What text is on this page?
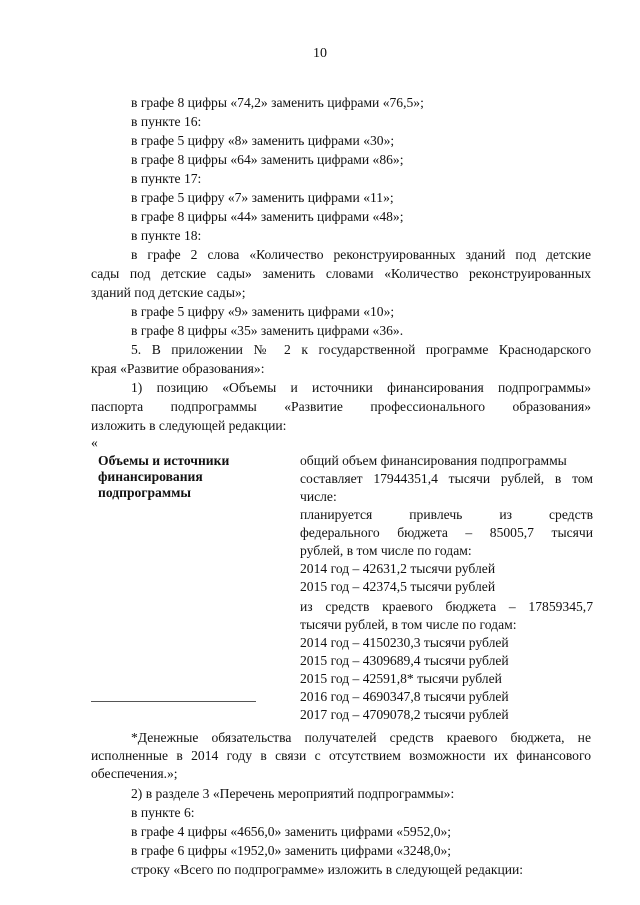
10
в графе 8 цифры «74,2» заменить цифрами «76,5»;
в пункте 16:
в графе 5 цифру «8» заменить цифрами «30»;
в графе 8 цифры «64» заменить цифрами «86»;
в пункте 17:
в графе 5 цифру «7» заменить цифрами «11»;
в графе 8 цифры «44» заменить цифрами «48»;
в пункте 18:
в графе 2 слова «Количество реконструированных зданий под детские
сады под детские сады» заменить словами «Количество реконструированных
зданий под детские сады»;
в графе 5 цифру «9» заменить цифрами «10»;
в графе 8 цифры «35» заменить цифрами «36».
5. В приложении № 2 к государственной программе Краснодарского
края «Развитие образования»:
1) позицию «Объемы и источники финансирования подпрограммы»
паспорта подпрограммы «Развитие профессионального образования»
изложить в следующей редакции:
«
Объемы и источники
финансирования
подпрограммы
общий объем финансирования подпрограммы
составляет 17944351,4 тысячи рублей, в том
числе:
планируется привлечь из средств
федерального бюджета – 85005,7 тысячи
рублей, в том числе по годам:
2014 год – 42631,2 тысячи рублей
2015 год – 42374,5 тысячи рублей
из средств краевого бюджета – 17859345,7
тысячи рублей, в том числе по годам:
2014 год – 4150230,3 тысячи рублей
2015 год – 4309689,4 тысячи рублей
2015 год – 42591,8* тысячи рублей
2016 год – 4690347,8 тысячи рублей
2017 год – 4709078,2 тысячи рублей
*Денежные обязательства получателей средств краевого бюджета, не
исполненные в 2014 году в связи с отсутствием возможности их финансового
обеспечения.»;
2) в разделе 3 «Перечень мероприятий подпрограммы»:
в пункте 6:
в графе 4 цифры «4656,0» заменить цифрами «5952,0»;
в графе 6 цифры «1952,0» заменить цифрами «3248,0»;
строку «Всего по подпрограмме» изложить в следующей редакции:
